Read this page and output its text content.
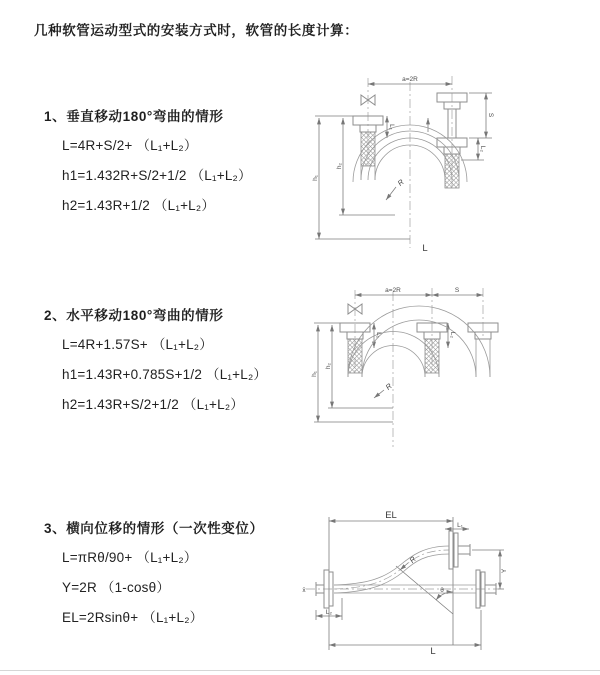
几种软管运动型式的安装方式时，软管的长度计算：
1、垂直移动180°弯曲的情形
L=4R+S/2+ （L₁+L₂）
h1=1.432R+S/2+1/2 （L₁+L₂）
h2=1.43R+1/2 （L₁+L₂）
a=2R
L₁
S
L₂
h₁
h₂
R
L
2、水平移动180°弯曲的情形
L=4R+1.57S+ （L₁+L₂）
h1=1.43R+0.785S+1/2 （L₁+L₂）
h2=1.43R+S/2+1/2 （L₁+L₂）
a=2R	S
L₁	L₂
h₁
h₂
R
3、横向位移的情形（一次性变位）
L=πRθ/90+ （L₁+L₂）
Y=2R （1-cosθ）
EL=2Rsinθ+ （L₁+L₂）
EL
L₁
Y
R
θ
L
L₂
x̄
